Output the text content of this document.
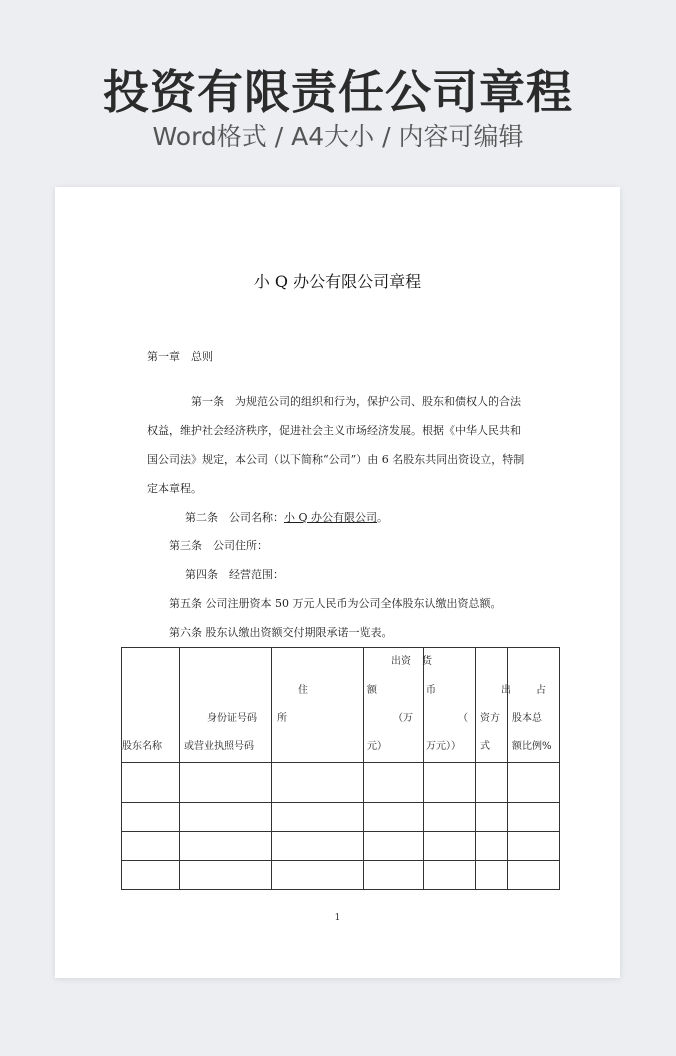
投资有限责任公司章程
Word格式 / A4大小 / 内容可编辑
小 Q 办公有限公司章程
第一章　总则
第一条　为规范公司的组织和行为，保护公司、股东和债权人的合法
权益，维护社会经济秩序，促进社会主义市场经济发展。根据《中华人民共和
国公司法》规定，本公司（以下简称“公司”）由 6 名股东共同出资设立，特制
定本章程。
第二条　公司名称：小 Q 办公有限公司。
第三条　公司住所：
第四条　经营范围：
第五条 公司注册资本 50 万元人民币为公司全体股东认缴出资总额。
第六条 股东认缴出资额交付期限承诺一览表。
股东名称
身份证号码
或营业执照号码
住
所
出资
额
（万
元）
货
币
（
万元））
出
资方
式
占
股本总
额比例%
1
